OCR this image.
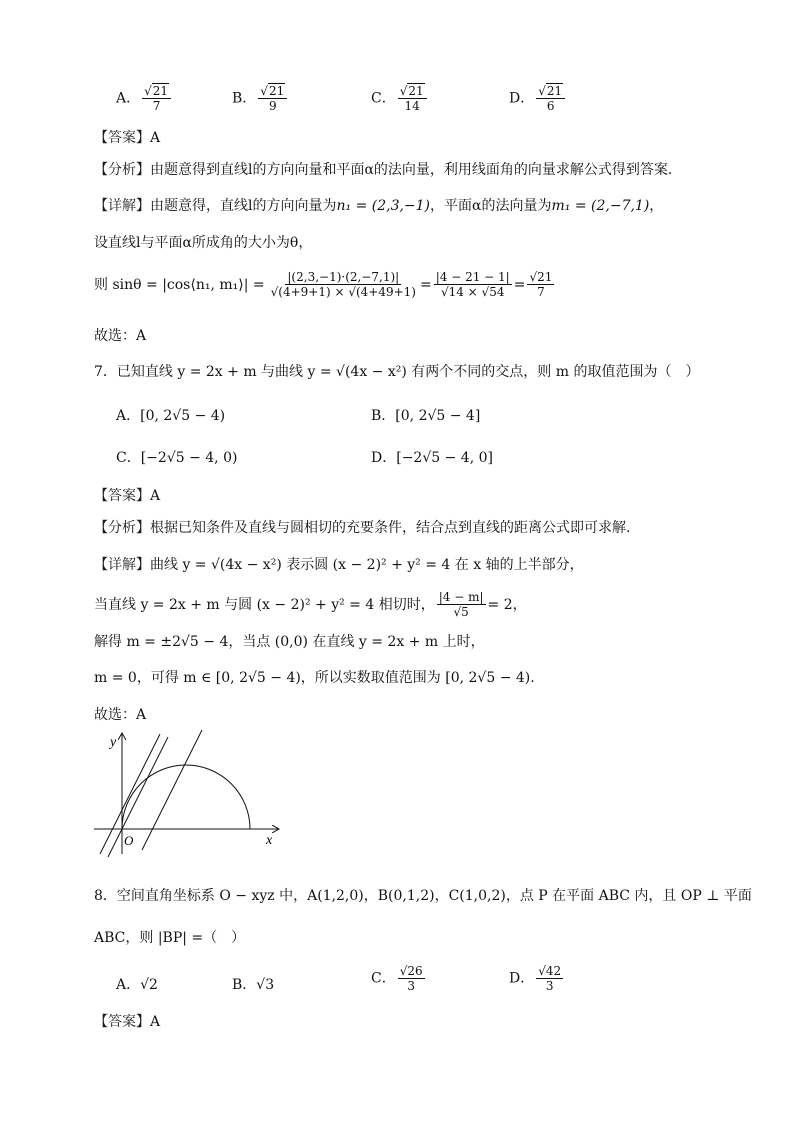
A． $\frac{√21}{7}$	B． $\frac{√21}{9}$	C． $\frac{√21}{14}$	D． $\frac{√21}{6}$
【答案】A
【分析】由题意得到直线l的方向向量和平面α的法向量，利用线面角的向量求解公式得到答案.
【详解】由题意得，直线l的方向向量为n₁ = (2,3,−1)，平面α的法向量为m₁ = (2,−7,1)，
设直线l与平面α所成角的大小为θ，
则 sinθ = |cos⟨n₁, m₁⟩| = $\frac{|(2,3,-1)\cdot(2,-7,1)|}{√(4+9+1) \times √(4+49+1)} = \frac{|4 - 21 - 1|}{√14 \times √54} = \frac{√21}{7}$
故选：A
7．已知直线 y = 2x + m 与曲线 y = √(4x − x²) 有两个不同的交点，则 m 的取值范围为（　）
A．[0, 2√5 − 4)	B．[0, 2√5 − 4]
C．[−2√5 − 4, 0)	D．[−2√5 − 4, 0]
【答案】A
【分析】根据已知条件及直线与圆相切的充要条件，结合点到直线的距离公式即可求解.
【详解】曲线 y = √(4x − x²) 表示圆 (x − 2)² + y² = 4 在 x 轴的上半部分，
当直线 y = 2x + m 与圆 (x − 2)² + y² = 4 相切时， $\frac{|4 - m|}{√5} = 2$，
解得 m = ±2√5 − 4，当点 (0,0) 在直线 y = 2x + m 上时，
m = 0，可得 m ∈ [0, 2√5 − 4)，所以实数取值范围为 [0, 2√5 − 4).
故选：A
y
x
O
8．空间直角坐标系 O − xyz 中，A(1,2,0)，B(0,1,2)，C(1,0,2)，点 P 在平面 ABC 内，且 OP ⊥ 平面
ABC，则 |BP| =（　）
A．√2	B．√3	C． $\frac{√26}{3}$	D． $\frac{√42}{3}$
【答案】A
